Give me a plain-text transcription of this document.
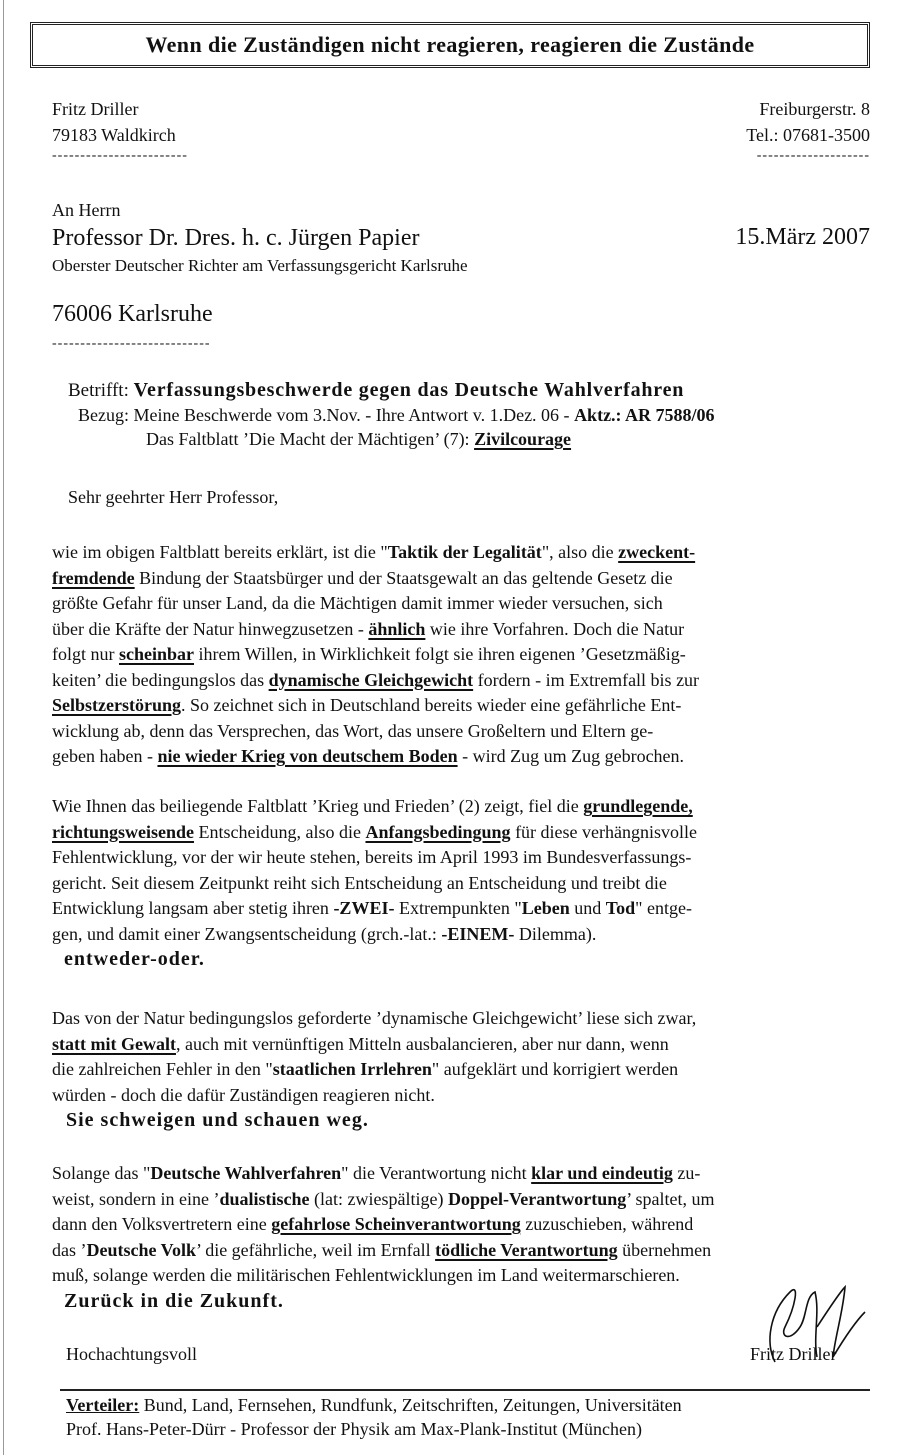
Wenn die Zuständigen nicht reagieren, reagieren die Zustände
Fritz Driller
79183 Waldkirch
------------------------
Freiburgerstr. 8
Tel.: 07681-3500
--------------------
An Herrn
Professor Dr. Dres. h. c. Jürgen Papier
Oberster Deutscher Richter am Verfassungsgericht Karlsruhe
15.März 2007
76006 Karlsruhe
----------------------------
Betrifft: Verfassungsbeschwerde gegen das Deutsche Wahlverfahren
Bezug: Meine Beschwerde vom 3.Nov. - Ihre Antwort v. 1.Dez. 06 - Aktz.: AR 7588/06
Das Faltblatt ’Die Macht der Mächtigen’ (7): Zivilcourage
Sehr geehrter Herr Professor,
wie im obigen Faltblatt bereits erklärt, ist die "Taktik der Legalität", also die zweckent-
fremdende Bindung der Staatsbürger und der Staatsgewalt an das geltende Gesetz die
größte Gefahr für unser Land, da die Mächtigen damit immer wieder versuchen, sich
über die Kräfte der Natur hinwegzusetzen - ähnlich wie ihre Vorfahren. Doch die Natur
folgt nur scheinbar ihrem Willen, in Wirklichkeit folgt sie ihren eigenen ’Gesetzmäßig-
keiten’ die bedingungslos das dynamische Gleichgewicht fordern - im Extremfall bis zur
Selbstzerstörung. So zeichnet sich in Deutschland bereits wieder eine gefährliche Ent-
wicklung ab, denn das Versprechen, das Wort, das unsere Großeltern und Eltern ge-
geben haben - nie wieder Krieg von deutschem Boden - wird Zug um Zug gebrochen.
Wie Ihnen das beiliegende Faltblatt ’Krieg und Frieden’ (2) zeigt, fiel die grundlegende,
richtungsweisende Entscheidung, also die Anfangsbedingung für diese verhängnisvolle
Fehlentwicklung, vor der wir heute stehen, bereits im April 1993 im Bundesverfassungs-
gericht. Seit diesem Zeitpunkt reiht sich Entscheidung an Entscheidung und treibt die
Entwicklung langsam aber stetig ihren -ZWEI- Extrempunkten "Leben und Tod" entge-
gen, und damit einer Zwangsentscheidung (grch.-lat.: -EINEM- Dilemma).
entweder-oder.
Das von der Natur bedingungslos geforderte ’dynamische Gleichgewicht’ liese sich zwar,
statt mit Gewalt, auch mit vernünftigen Mitteln ausbalancieren, aber nur dann, wenn
die zahlreichen Fehler in den "staatlichen Irrlehren" aufgeklärt und korrigiert werden
würden - doch die dafür Zuständigen reagieren nicht.
Sie schweigen und schauen weg.
Solange das "Deutsche Wahlverfahren" die Verantwortung nicht klar und eindeutig zu-
weist, sondern in eine ’dualistische (lat: zwiespältige) Doppel-Verantwortung’ spaltet, um
dann den Volksvertretern eine gefahrlose Scheinverantwortung zuzuschieben, während
das ’Deutsche Volk’ die gefährliche, weil im Ernfall tödliche Verantwortung übernehmen
muß, solange werden die militärischen Fehlentwicklungen im Land weitermarschieren.
Zurück in die Zukunft.
Hochachtungsvoll	Fritz Driller
Verteiler: Bund, Land, Fernsehen, Rundfunk, Zeitschriften, Zeitungen, Universitäten
Prof. Hans-Peter-Dürr - Professor der Physik am Max-Plank-Institut (München)
